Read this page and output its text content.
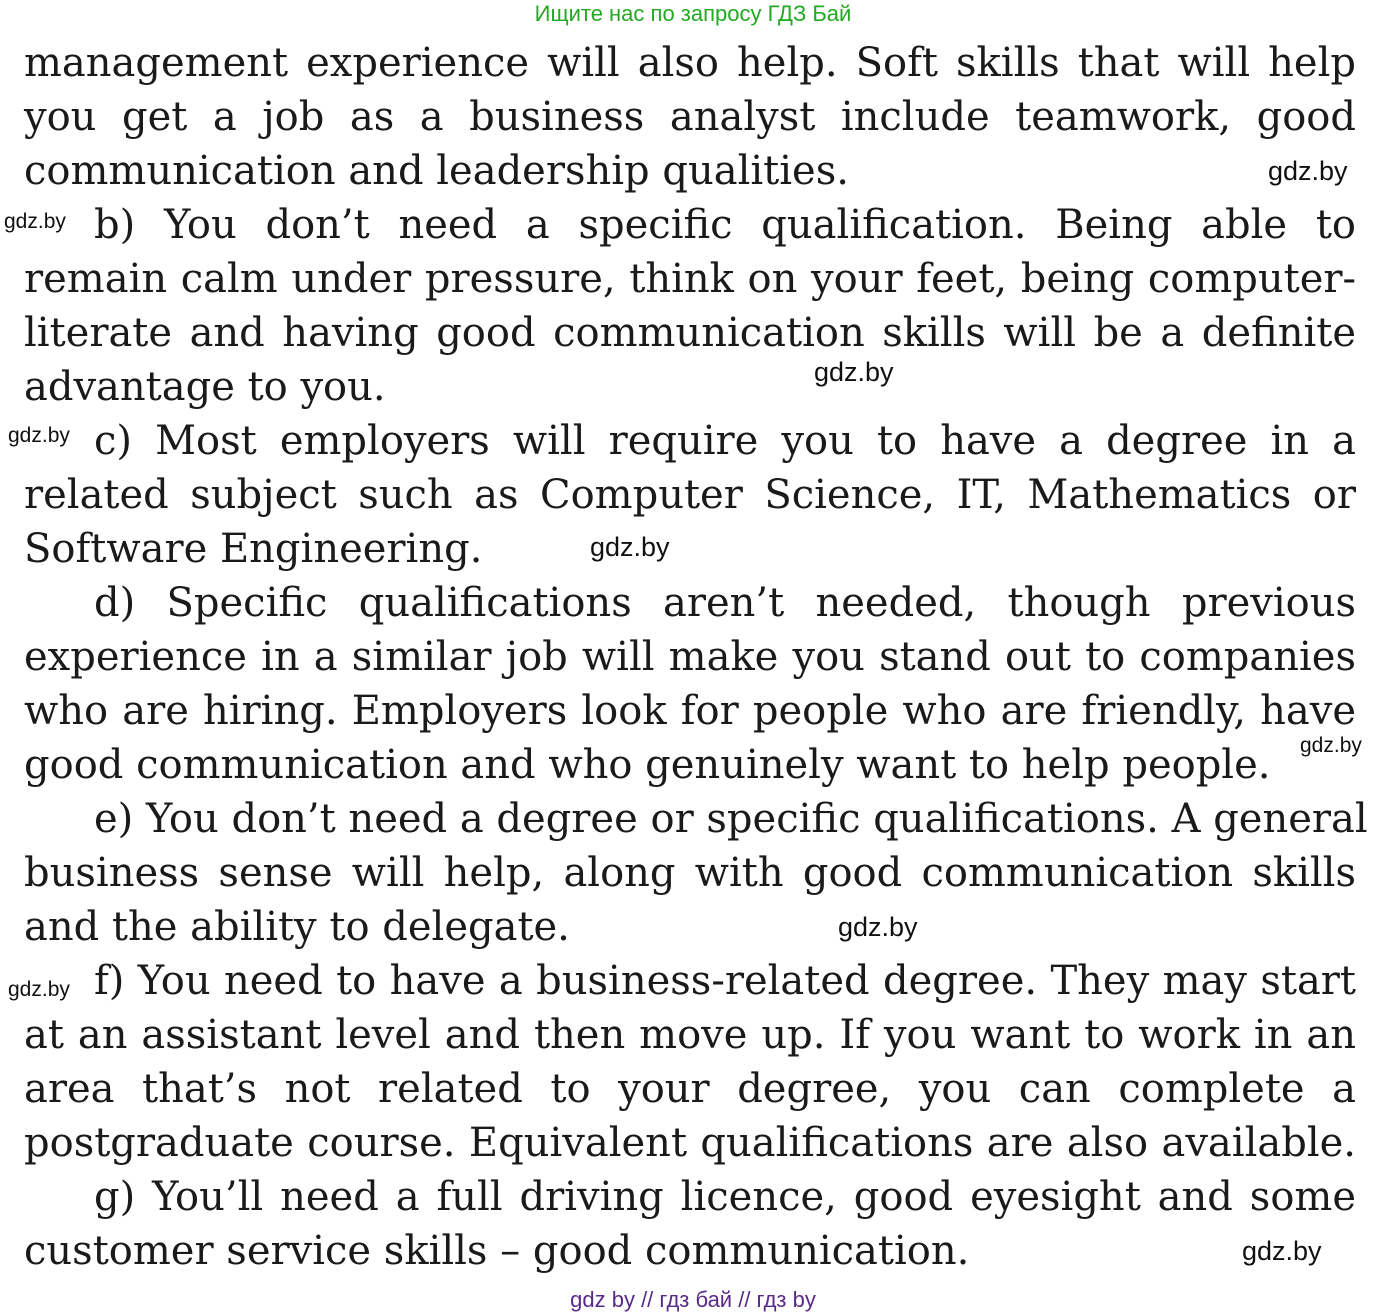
Ищите нас по запросу ГДЗ Бай
management experience will also help. Soft skills that will help
you get a job as a business analyst include teamwork, good
communication and leadership qualities.
b) You don’t need a specific qualification. Being able to
remain calm under pressure, think on your feet, being computer-
literate and having good communication skills will be a definite
advantage to you.
c) Most employers will require you to have a degree in a
related subject such as Computer Science, IT, Mathematics or
Software Engineering.
d) Specific qualifications aren’t needed, though previous
experience in a similar job will make you stand out to companies
who are hiring. Employers look for people who are friendly, have
good communication and who genuinely want to help people.
e) You don’t need a degree or specific qualifications. A general
business sense will help, along with good communication skills
and the ability to delegate.
f) You need to have a business-related degree. They may start
at an assistant level and then move up. If you want to work in an
area that’s not related to your degree, you can complete a
postgraduate course. Equivalent qualifications are also available.
g) You’ll need a full driving licence, good eyesight and some
customer service skills – good communication.
gdz.by
gdz.by
gdz.by
gdz.by
gdz.by
gdz.by
gdz.by
gdz.by
gdz.by
gdz by // гдз бай // гдз by
